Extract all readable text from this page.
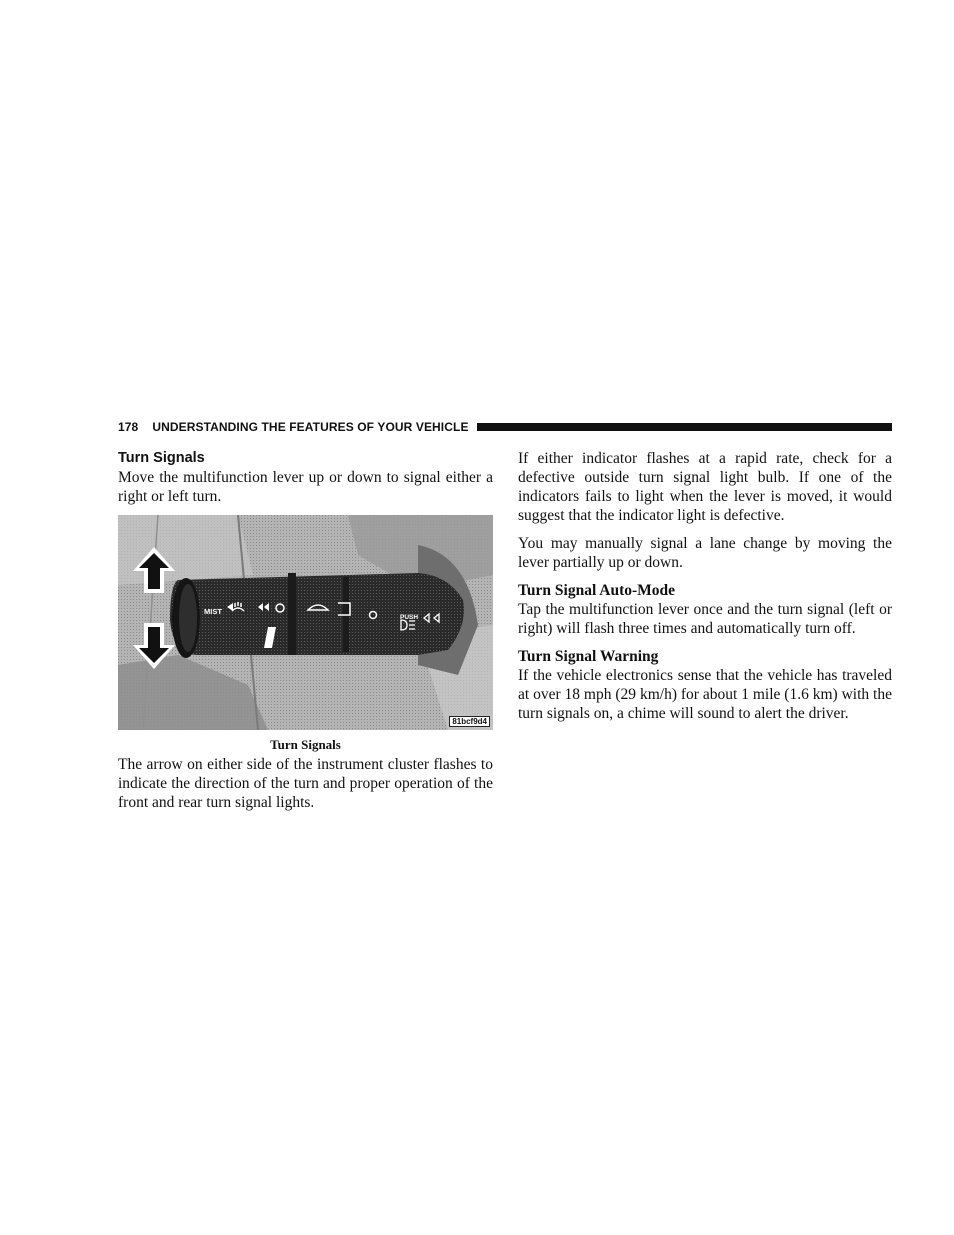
178 UNDERSTANDING THE FEATURES OF YOUR VEHICLE
Turn Signals

Move the multifunction lever up or down to signal either a right or left turn.

MIST
PUSH
81bcf9d4
Turn Signals

The arrow on either side of the instrument cluster flashes to indicate the direction of the turn and proper operation of the front and rear turn signal lights.

If either indicator flashes at a rapid rate, check for a defective outside turn signal light bulb. If one of the indicators fails to light when the lever is moved, it would suggest that the indicator light is defective.

You may manually signal a lane change by moving the lever partially up or down.

Turn Signal Auto-Mode

Tap the multifunction lever once and the turn signal (left or right) will flash three times and automatically turn off.

Turn Signal Warning

If the vehicle electronics sense that the vehicle has traveled at over 18 mph (29 km/h) for about 1 mile (1.6 km) with the turn signals on, a chime will sound to alert the driver.
